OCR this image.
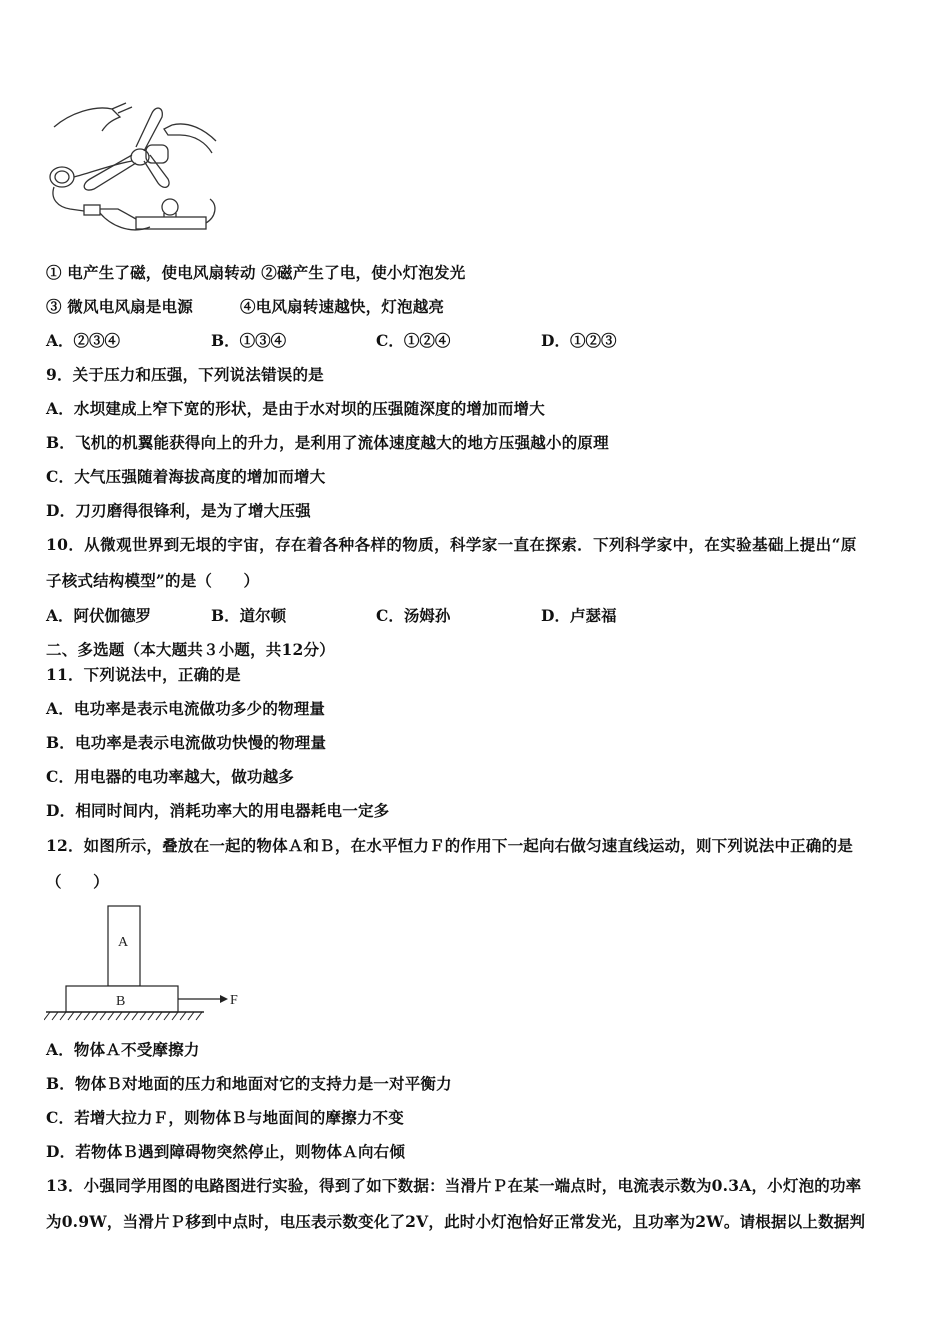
① 电产生了磁，使电风扇转动 ②磁产生了电，使小灯泡发光
③ 微风电风扇是电源　　　④电风扇转速越快，灯泡越亮
A．②③④	B．①③④	C．①②④	D．①②③
9．关于压力和压强，下列说法错误的是
A．水坝建成上窄下宽的形状，是由于水对坝的压强随深度的增加而增大
B．飞机的机翼能获得向上的升力，是利用了流体速度越大的地方压强越小的原理
C．大气压强随着海拔高度的增加而增大
D．刀刃磨得很锋利，是为了增大压强
10．从微观世界到无垠的宇宙，存在着各种各样的物质，科学家一直在探索．下列科学家中，在实验基础上提出“原
子核式结构模型”的是（　　）
A．阿伏伽德罗	B．道尔顿	C．汤姆孙	D．卢瑟福
二、多选题（本大题共３小题，共12分）
11．下列说法中，正确的是
A．电功率是表示电流做功多少的物理量
B．电功率是表示电流做功快慢的物理量
C．用电器的电功率越大，做功越多
D．相同时间内，消耗功率大的用电器耗电一定多
12．如图所示，叠放在一起的物体Ａ和Ｂ，在水平恒力Ｆ的作用下一起向右做匀速直线运动，则下列说法中正确的是
（　　）
A
B	F
A．物体Ａ不受摩擦力
B．物体Ｂ对地面的压力和地面对它的支持力是一对平衡力
C．若增大拉力Ｆ，则物体Ｂ与地面间的摩擦力不变
D．若物体Ｂ遇到障碍物突然停止，则物体Ａ向右倾
13．小强同学用图的电路图进行实验，得到了如下数据：当滑片Ｐ在某一端点时，电流表示数为0.3A，小灯泡的功率
为0.9W，当滑片Ｐ移到中点时，电压表示数变化了2V，此时小灯泡恰好正常发光，且功率为2W。请根据以上数据判
